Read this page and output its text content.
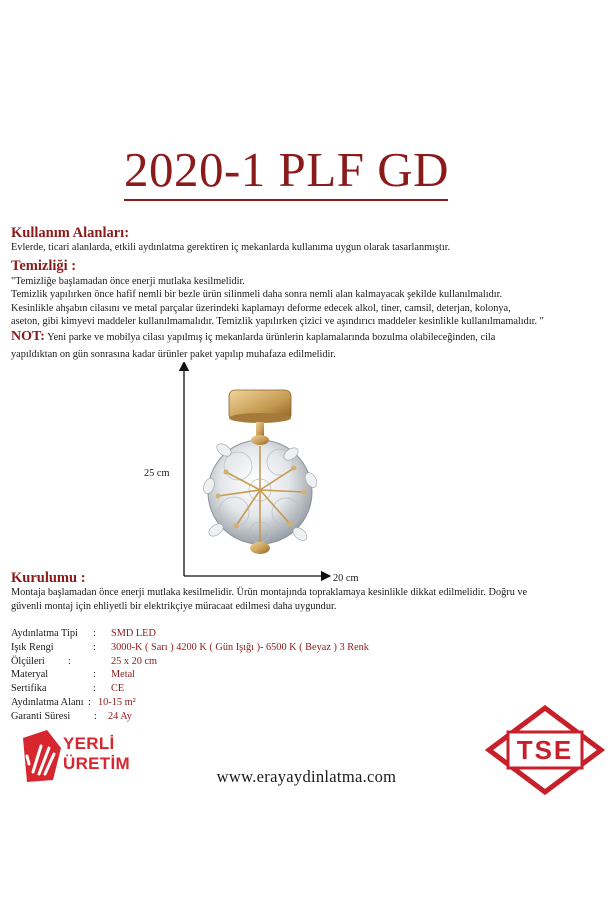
2020-1 PLF GD
Kullanım Alanları:
Evlerde, ticari alanlarda, etkili aydınlatma gerektiren iç mekanlarda kullanıma uygun olarak tasarlanmıştır.
Temizliği :
"Temizliğe başlamadan önce enerji mutlaka kesilmelidir.
Temizlik yapılırken önce hafif nemli bir bezle ürün silinmeli daha sonra nemli alan kalmayacak şekilde kullanılmalıdır.
Kesinlikle ahşabın cilasını ve metal parçalar üzerindeki kaplamayı deforme edecek alkol, tiner, camsil, deterjan, kolonya,
aseton, gibi kimyevi maddeler kullanılmamalıdır. Temizlik yapılırken çizici ve aşındırıcı maddeler kesinlikle kullanılmamalıdır. "
NOT: Yeni parke ve mobilya cilası yapılmış iç mekanlarda ürünlerin kaplamalarında bozulma olabileceğinden, cila
yapıldıktan on gün sonrasına kadar ürünler paket yapılıp muhafaza edilmelidir.
25 cm
20 cm
Kurulumu :
Montaja başlamadan önce enerji mutlaka kesilmelidir. Ürün montajında topraklamaya kesinlikle dikkat edilmelidir. Doğru ve
güvenli montaj için ehliyetli bir elektrikçiye müracaat edilmesi daha uygundur.
Aydınlatma Tipi : SMD LED
Işık Rengi	: 3000-K ( Sarı ) 4200 K ( Gün Işığı )- 6500 K ( Beyaz ) 3 Renk
Ölçüleri :	25 x 20 cm
Materyal	: Metal
Sertifika	: CE
Aydınlatma Alanı : 10-15 m²
Garanti Süresi : 24 Ay
YERLİ
ÜRETİM
www.erayaydinlatma.com
TSE
